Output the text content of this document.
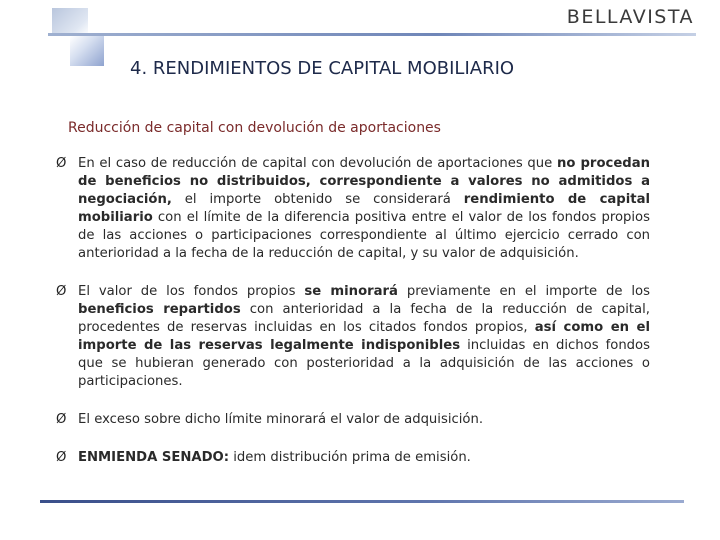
BELLAVISTA
4. RENDIMIENTOS DE CAPITAL MOBILIARIO
Reducción de capital con devolución de aportaciones
Ø En el caso de reducción de capital con devolución de aportaciones que no procedan de beneficios no distribuidos, correspondiente a valores no admitidos a negociación, el importe obtenido se considerará rendimiento de capital mobiliario con el límite de la diferencia positiva entre el valor de los fondos propios de las acciones o participaciones correspondiente al último ejercicio cerrado con anterioridad a la fecha de la reducción de capital, y su valor de adquisición.
Ø El valor de los fondos propios se minorará previamente en el importe de los beneficios repartidos con anterioridad a la fecha de la reducción de capital, procedentes de reservas incluidas en los citados fondos propios, así como en el importe de las reservas legalmente indisponibles incluidas en dichos fondos que se hubieran generado con posterioridad a la adquisición de las acciones o participaciones.
Ø El exceso sobre dicho límite minorará el valor de adquisición.
Ø ENMIENDA SENADO: idem distribución prima de emisión.
